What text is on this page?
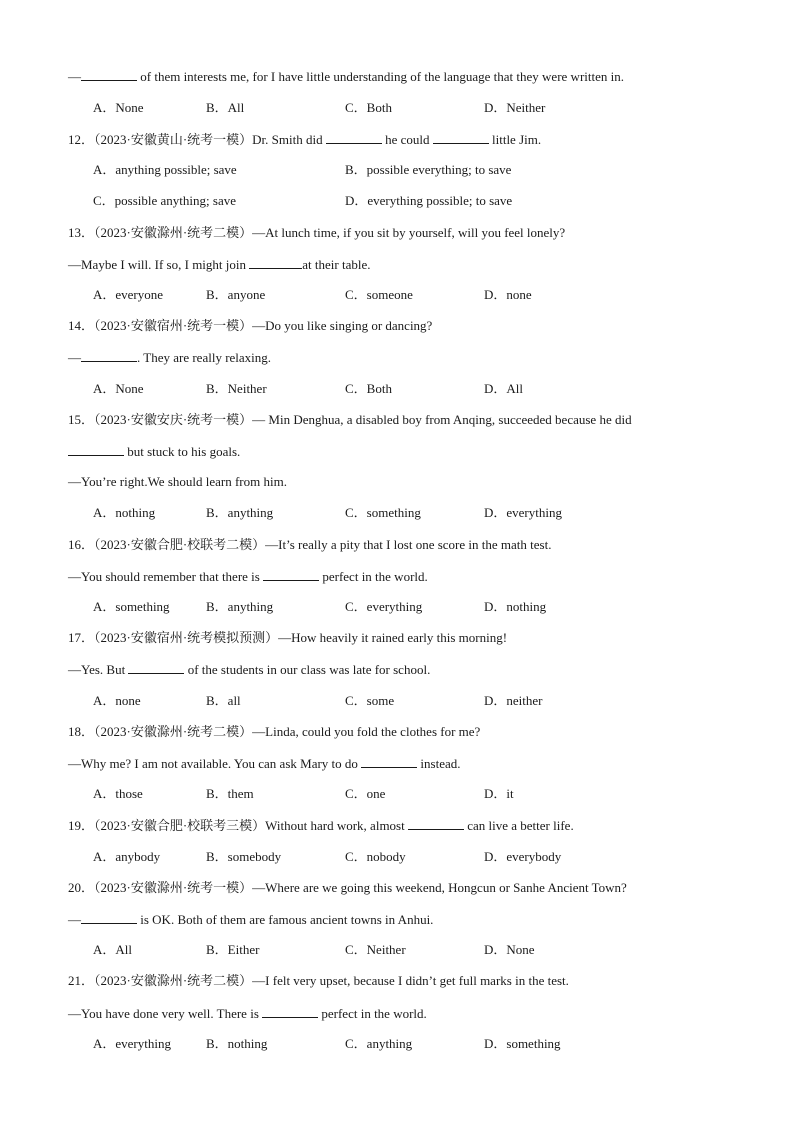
—	of them interests me, for I have little understanding of the language that they were written in.
A．None	B．All	C．Both	D．Neither
12．（2023·安徽黄山·统考一模）Dr. Smith did	he could	little Jim.
A．anything possible; save	B．possible everything; to save
C．possible anything; save	D．everything possible; to save
13．（2023·安徽滁州·统考二模）—At lunch time, if you sit by yourself, will you feel lonely?
—Maybe I will. If so, I might join	at their table.
A．everyone	B．anyone	C．someone	D．none
14．（2023·安徽宿州·统考一模）—Do you like singing or dancing?
—	. They are really relaxing.
A．None	B．Neither	C．Both	D．All
15．（2023·安徽安庆·统考一模）— Min Denghua, a disabled boy from Anqing, succeeded because he did
but stuck to his goals.
—You’re right.We should learn from him.
A．nothing	B．anything	C．something	D．everything
16．（2023·安徽合肥·校联考二模）—It’s really a pity that I lost one score in the math test.
—You should remember that there is	perfect in the world.
A．something	B．anything	C．everything	D．nothing
17．（2023·安徽宿州·统考模拟预测）—How heavily it rained early this morning!
—Yes. But	of the students in our class was late for school.
A．none	B．all	C．some	D．neither
18．（2023·安徽滁州·统考二模）—Linda, could you fold the clothes for me?
—Why me? I am not available. You can ask Mary to do	instead.
A．those	B．them	C．one	D．it
19．（2023·安徽合肥·校联考三模）Without hard work, almost	can live a better life.
A．anybody	B．somebody	C．nobody	D．everybody
20．（2023·安徽滁州·统考一模）—Where are we going this weekend, Hongcun or Sanhe Ancient Town?
—	is OK. Both of them are famous ancient towns in Anhui.
A．All	B．Either	C．Neither	D．None
21．（2023·安徽滁州·统考二模）—I felt very upset, because I didn’t get full marks in the test.
—You have done very well. There is	perfect in the world.
A．everything	B．nothing	C．anything	D．something
